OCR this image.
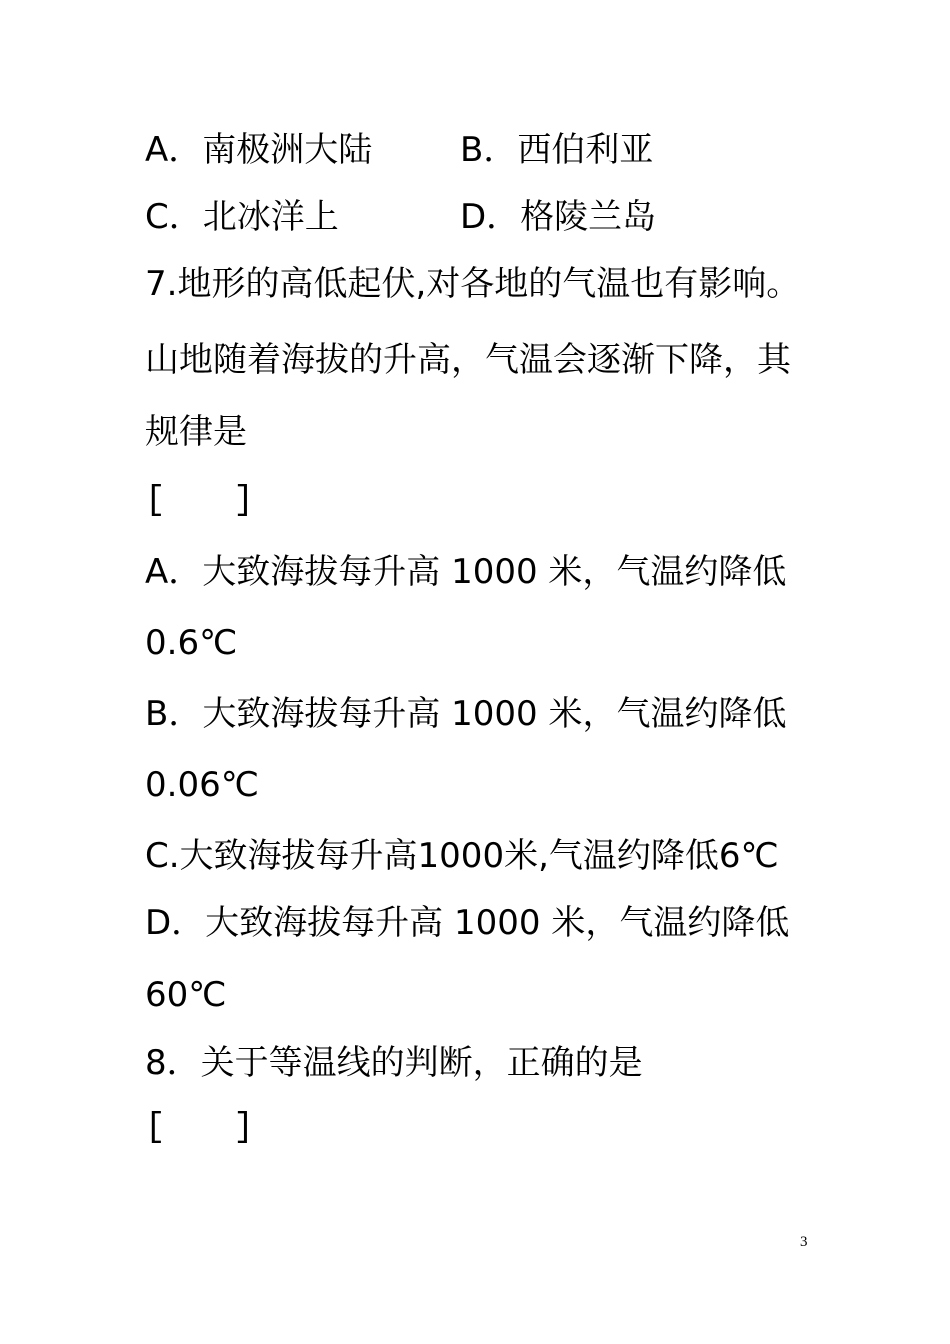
A．南极洲大陆	B．西伯利亚
C．北冰洋上	D．格陵兰岛
7.地形的高低起伏,对各地的气温也有影响。
山地随着海拔的升高，气温会逐渐下降，其
规律是
[　　]
A．大致海拔每升高 1000 米，气温约降低
0.6℃
B．大致海拔每升高 1000 米，气温约降低
0.06℃
C.大致海拔每升高1000米,气温约降低6℃
D．大致海拔每升高 1000 米，气温约降低
60℃
8．关于等温线的判断，正确的是
[　　]
3
